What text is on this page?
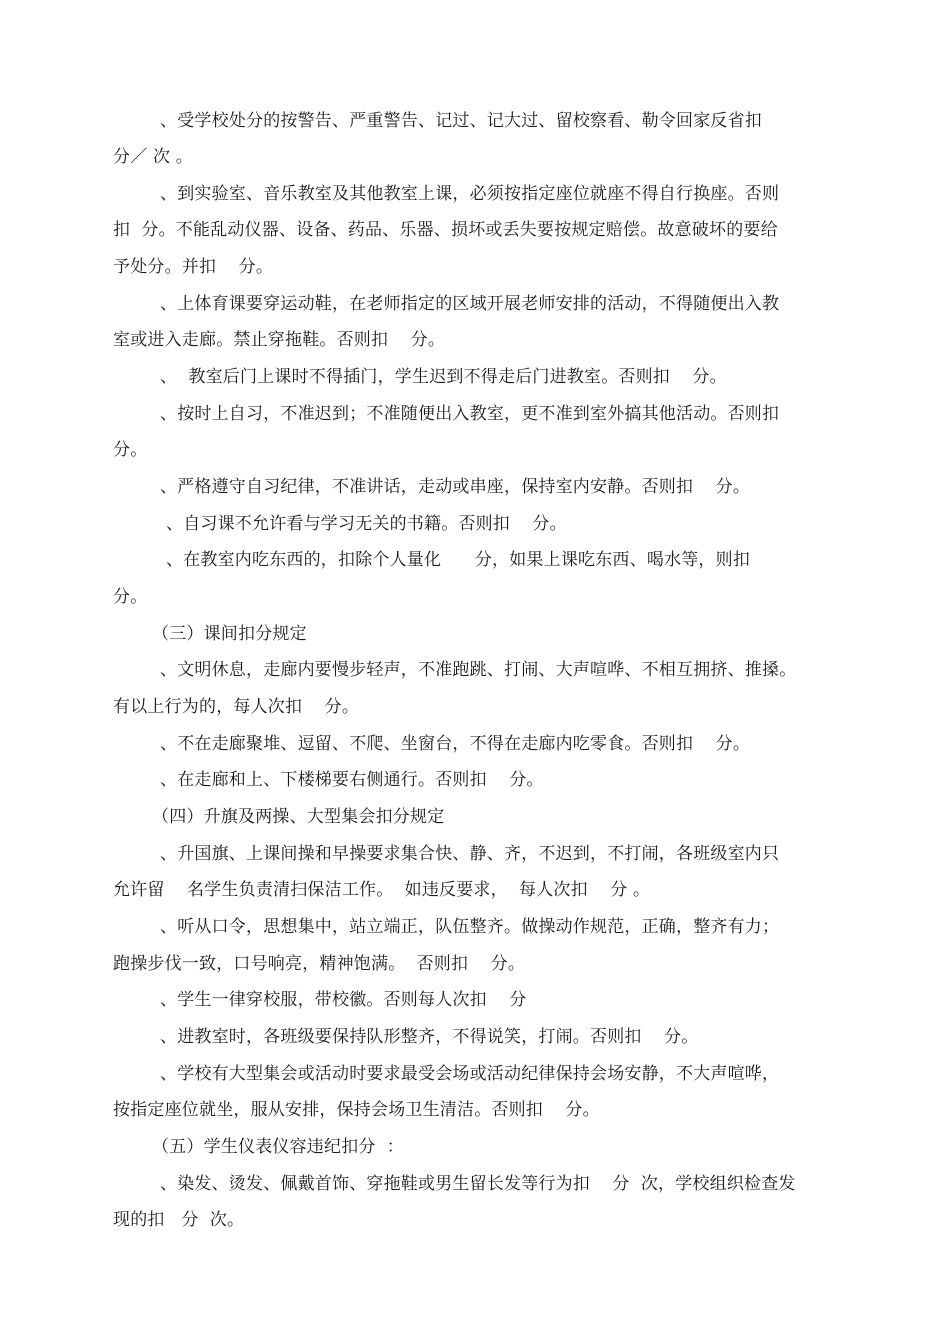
、受学校处分的按警告、严重警告、记过、记大过、留校察看、勒令回家反省扣
分／ 次 。
、到实验室、音乐教室及其他教室上课，必须按指定座位就座不得自行换座。否则
扣  分。不能乱动仪器、设备、药品、乐器、损坏或丢失要按规定赔偿。故意破坏的要给
予处分。并扣    分。
、上体育课要穿运动鞋，在老师指定的区域开展老师安排的活动，不得随便出入教
室或进入走廊。禁止穿拖鞋。否则扣    分。
、  教室后门上课时不得插门，学生迟到不得走后门进教室。否则扣    分。
、按时上自习，不准迟到；不准随便出入教室，更不准到室外搞其他活动。否则扣
分。
、严格遵守自习纪律，不准讲话，走动或串座，保持室内安静。否则扣    分。
、自习课不允许看与学习无关的书籍。否则扣    分。
、在教室内吃东西的，扣除个人量化      分，如果上课吃东西、喝水等，则扣
分。
（三）课间扣分规定
、文明休息，走廊内要慢步轻声，不准跑跳、打闹、大声喧哗、不相互拥挤、推搡。
有以上行为的，每人次扣    分。
、不在走廊聚堆、逗留、不爬、坐窗台，不得在走廊内吃零食。否则扣    分。
、在走廊和上、下楼梯要右侧通行。否则扣    分。
（四）升旗及两操、大型集会扣分规定
、升国旗、上课间操和早操要求集合快、静、齐，不迟到，不打闹，各班级室内只
允许留    名学生负责清扫保洁工作。  如违反要求，  每人次扣    分 。
、听从口令，思想集中，站立端正，队伍整齐。做操动作规范，正确，整齐有力；
跑操步伐一致，口号响亮，精神饱满。  否则扣    分。
、学生一律穿校服，带校徽。否则每人次扣    分
、进教室时，各班级要保持队形整齐，不得说笑，打闹。否则扣    分。
、学校有大型集会或活动时要求最受会场或活动纪律保持会场安静，不大声喧哗，
按指定座位就坐，服从安排，保持会场卫生清洁。否则扣    分。
（五）学生仪表仪容违纪扣分  ：
、染发、烫发、佩戴首饰、穿拖鞋或男生留长发等行为扣    分  次，学校组织检查发
现的扣   分  次。
